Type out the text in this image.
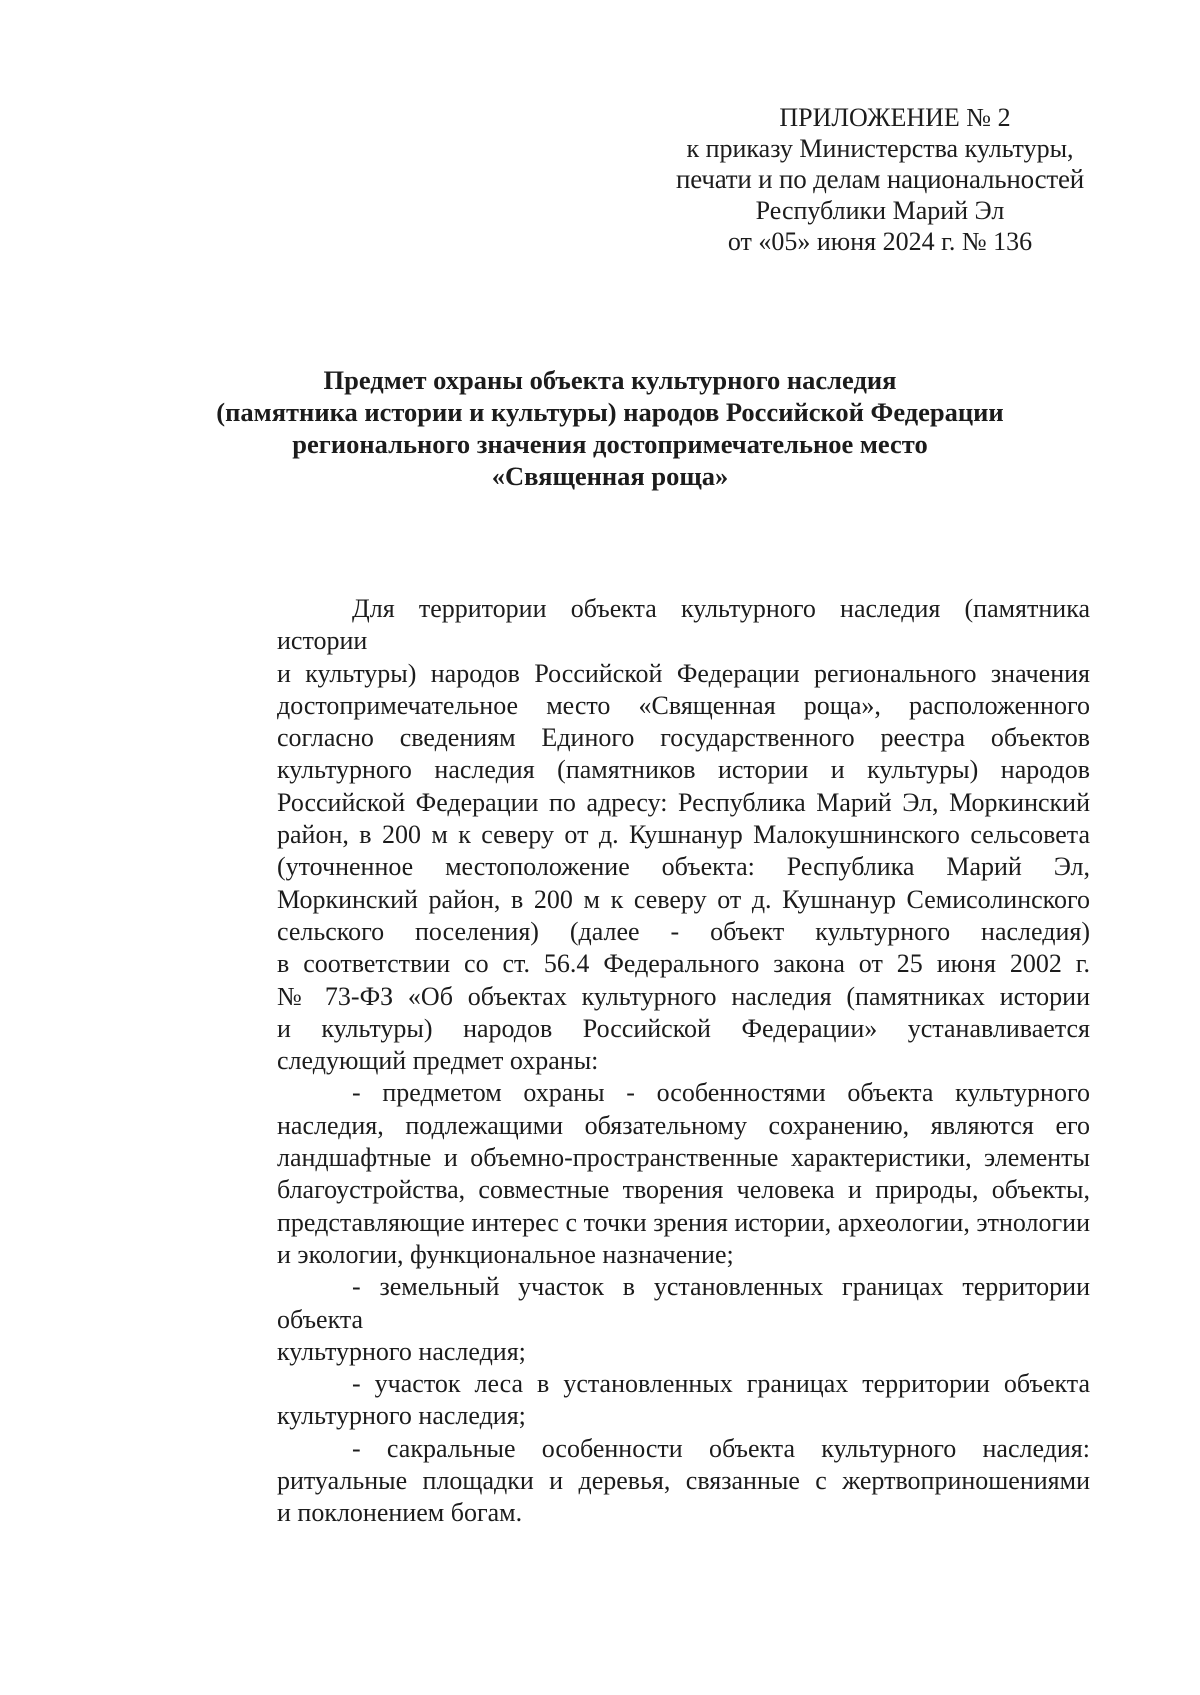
ПРИЛОЖЕНИЕ № 2
к приказу Министерства культуры,
печати и по делам национальностей
Республики Марий Эл
от «05» июня 2024 г. № 136
Предмет охраны объекта культурного наследия
(памятника истории и культуры) народов Российской Федерации
регионального значения достопримечательное место
«Священная роща»
Для территории объекта культурного наследия (памятника истории
и культуры) народов Российской Федерации регионального значения
достопримечательное место «Священная роща», расположенного
согласно сведениям Единого государственного реестра объектов
культурного наследия (памятников истории и культуры) народов
Российской Федерации по адресу: Республика Марий Эл, Моркинский
район, в 200 м к северу от д. Кушнанур Малокушнинского сельсовета
(уточненное местоположение объекта: Республика Марий Эл,
Моркинский район, в 200 м к северу от д. Кушнанур Семисолинского
сельского поселения) (далее - объект культурного наследия)
в соответствии со ст. 56.4 Федерального закона от 25 июня 2002 г.
№ 73-ФЗ «Об объектах культурного наследия (памятниках истории
и культуры) народов Российской Федерации» устанавливается
следующий предмет охраны:
- предметом охраны - особенностями объекта культурного
наследия, подлежащими обязательному сохранению, являются его
ландшафтные и объемно-пространственные характеристики, элементы
благоустройства, совместные творения человека и природы, объекты,
представляющие интерес с точки зрения истории, археологии, этнологии
и экологии, функциональное назначение;
- земельный участок в установленных границах территории объекта
культурного наследия;
- участок леса в установленных границах территории объекта
культурного наследия;
- сакральные особенности объекта культурного наследия:
ритуальные площадки и деревья, связанные с жертвоприношениями
и поклонением богам.
